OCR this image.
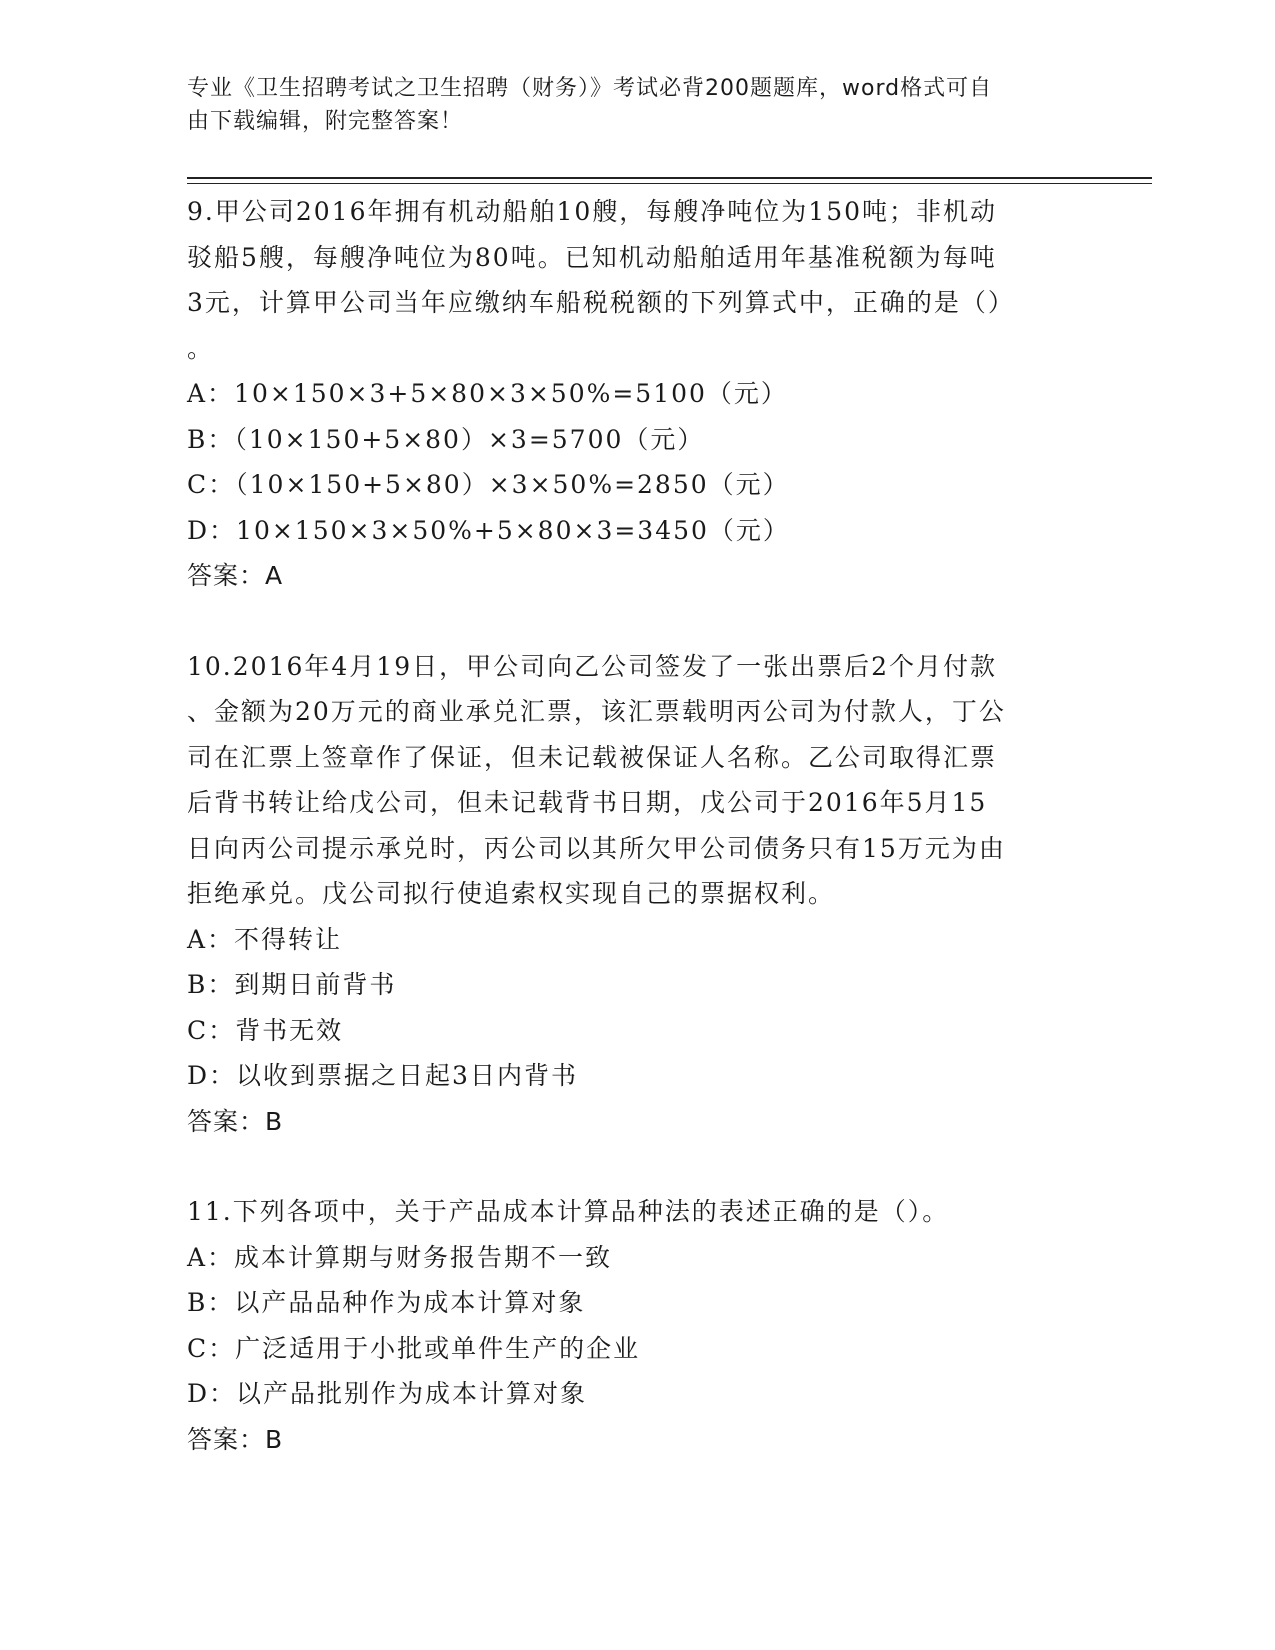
专业《卫生招聘考试之卫生招聘（财务）》考试必背200题题库，word格式可自
由下载编辑，附完整答案！

9.甲公司2016年拥有机动船舶10艘，每艘净吨位为150吨；非机动

驳船5艘，每艘净吨位为80吨。已知机动船舶适用年基准税额为每吨

3元，计算甲公司当年应缴纳车船税税额的下列算式中，正确的是（）

。

A：10×150×3+5×80×3×50%=5100（元）

B：（10×150+5×80）×3=5700（元）

C：（10×150+5×80）×3×50%=2850（元）

D：10×150×3×50%+5×80×3=3450（元）

答案：A

10.2016年4月19日，甲公司向乙公司签发了一张出票后2个月付款

、金额为20万元的商业承兑汇票，该汇票载明丙公司为付款人，丁公

司在汇票上签章作了保证，但未记载被保证人名称。乙公司取得汇票

后背书转让给戊公司，但未记载背书日期，戊公司于2016年5月15

日向丙公司提示承兑时，丙公司以其所欠甲公司债务只有15万元为由

拒绝承兑。戊公司拟行使追索权实现自己的票据权利。

A：不得转让

B：到期日前背书

C：背书无效

D：以收到票据之日起3日内背书

答案：B

11.下列各项中，关于产品成本计算品种法的表述正确的是（）。

A：成本计算期与财务报告期不一致

B：以产品品种作为成本计算对象

C：广泛适用于小批或单件生产的企业

D：以产品批别作为成本计算对象

答案：B
